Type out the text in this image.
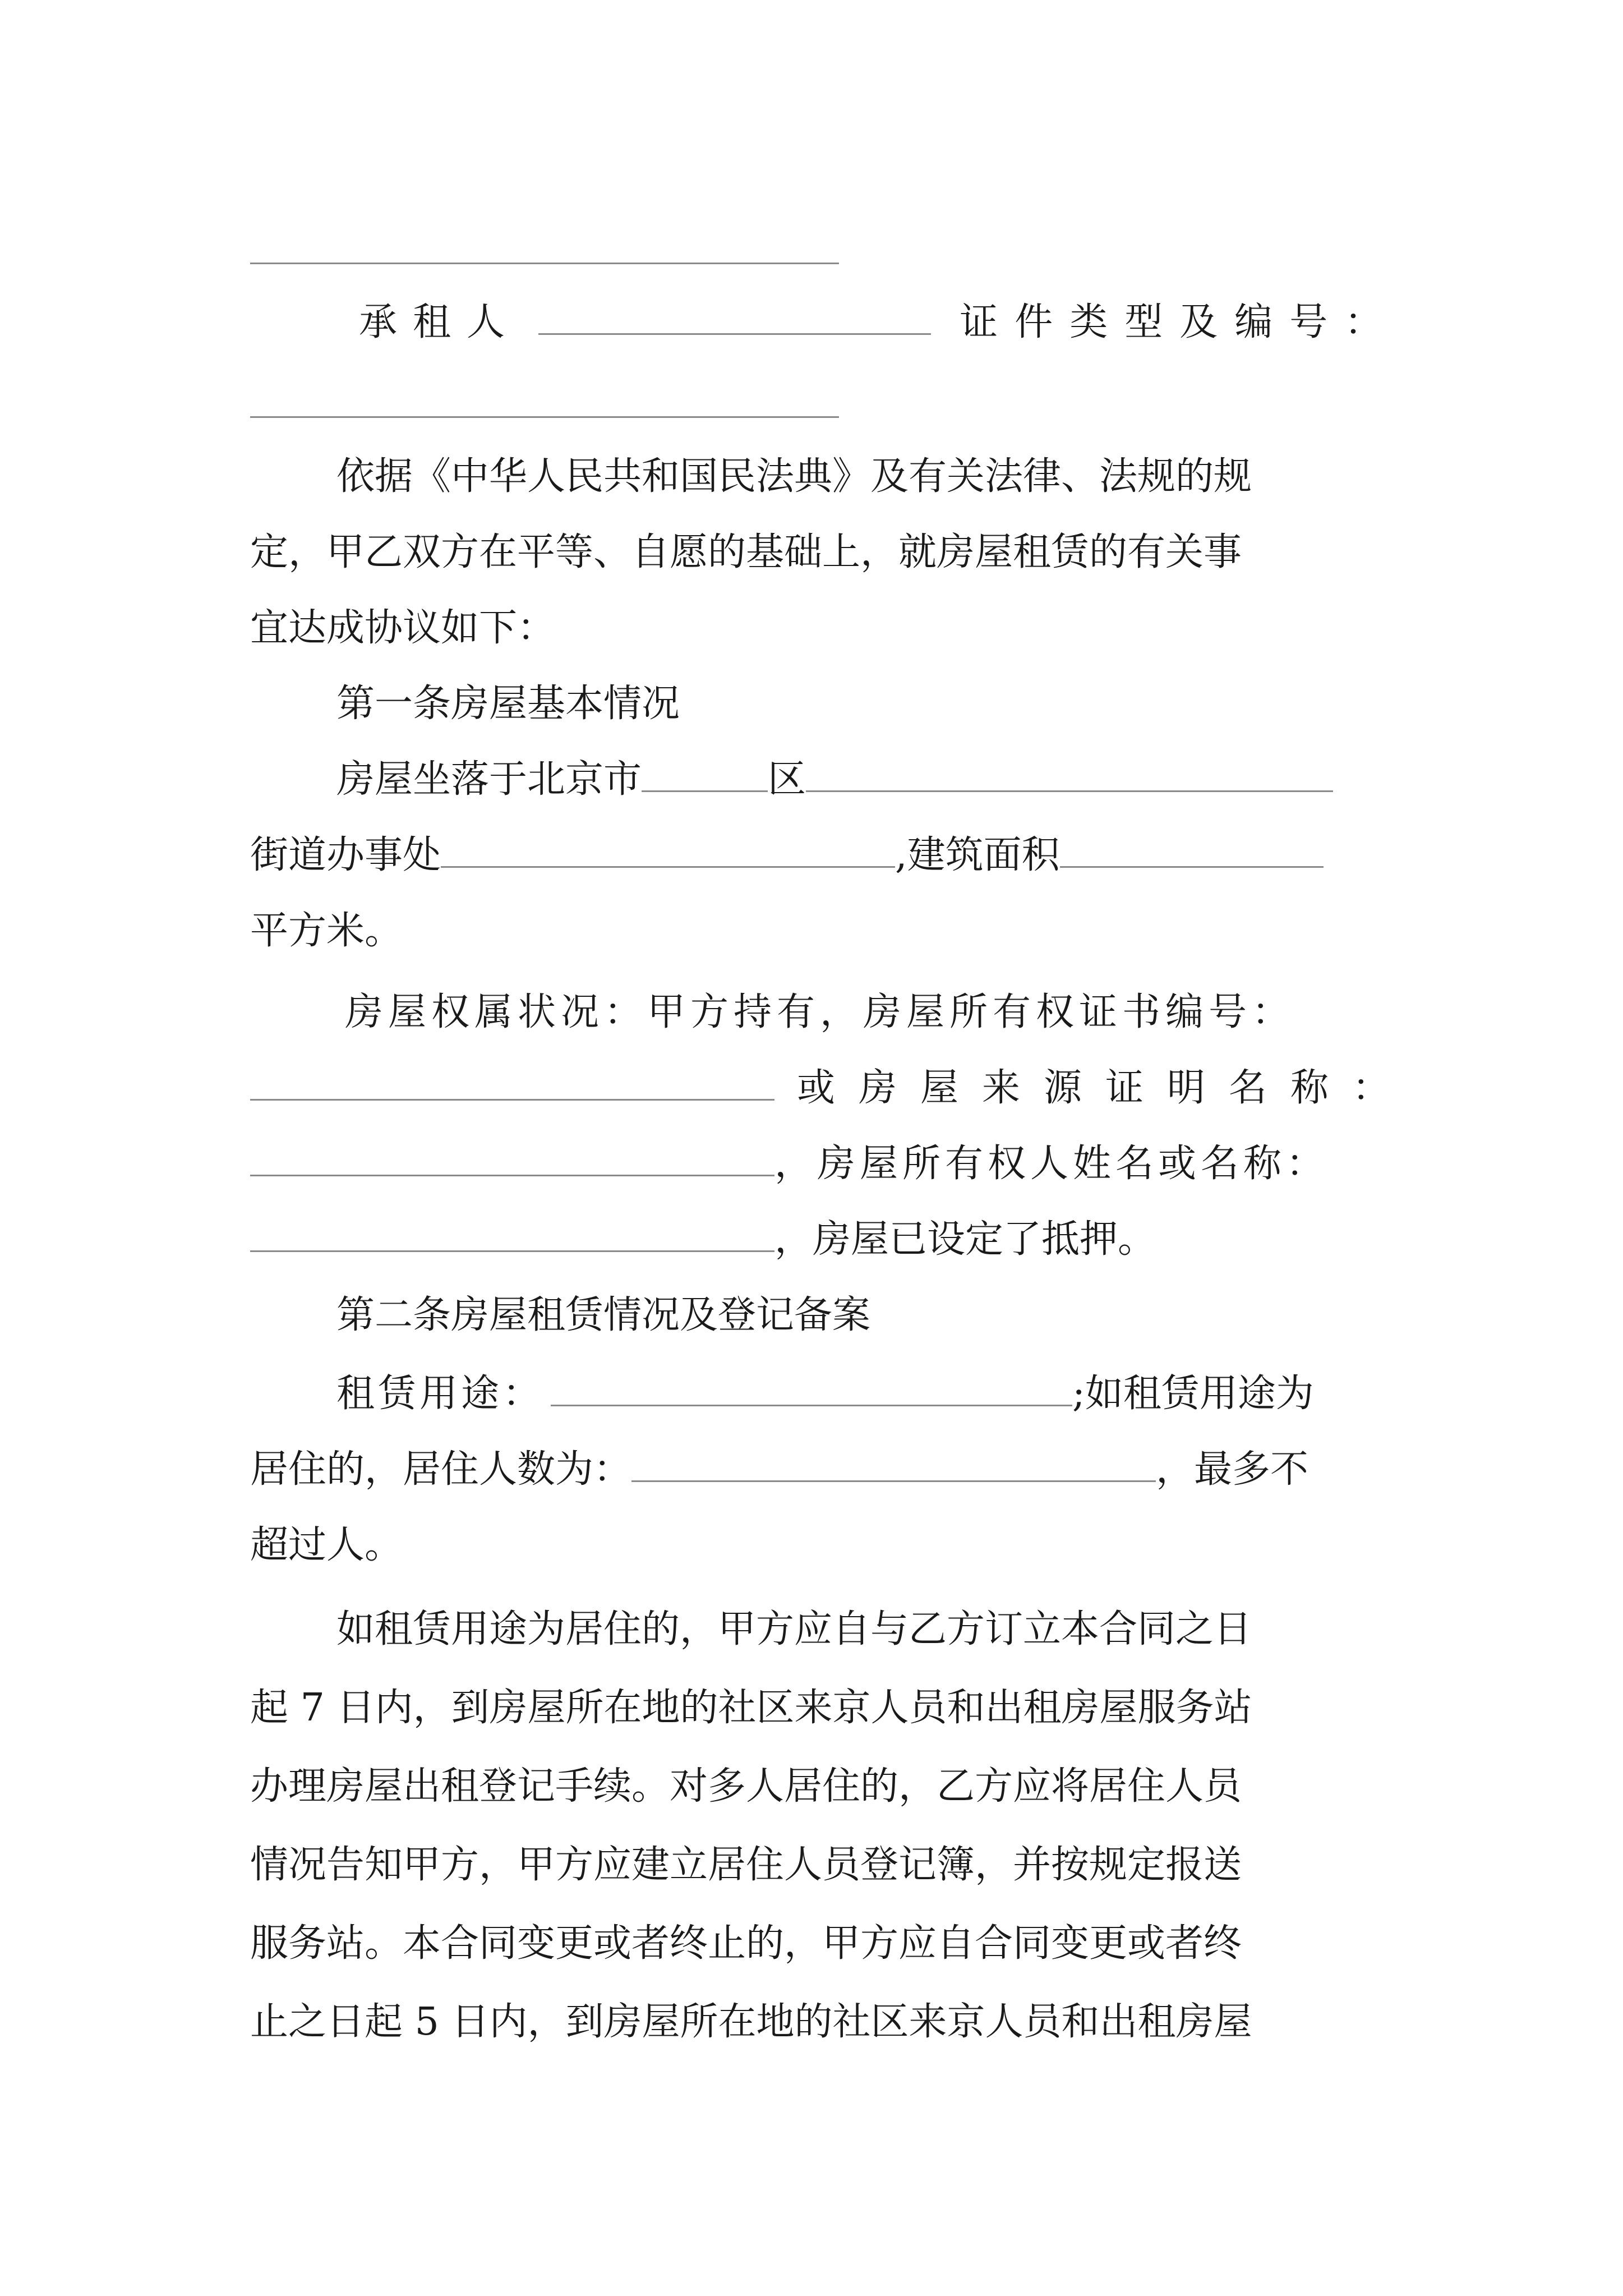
承租人	证件类型及编号：
依据《中华人民共和国民法典》及有关法律、法规的规
定，甲乙双方在平等、自愿的基础上，就房屋租赁的有关事
宜达成协议如下：
第一条房屋基本情况
房屋坐落于北京市	区
街道办事处	,建筑面积
平方米。
房屋权属状况：甲方持有，房屋所有权证书编号：
或房屋来源证明名称：
，房屋所有权人姓名或名称：
，房屋已设定了抵押。
第二条房屋租赁情况及登记备案
租赁用途：	;如租赁用途为
居住的，居住人数为：	，最多不
超过人。
如租赁用途为居住的，甲方应自与乙方订立本合同之日
起 7 日内，到房屋所在地的社区来京人员和出租房屋服务站
办理房屋出租登记手续。对多人居住的，乙方应将居住人员
情况告知甲方，甲方应建立居住人员登记簿，并按规定报送
服务站。本合同变更或者终止的，甲方应自合同变更或者终
止之日起 5 日内，到房屋所在地的社区来京人员和出租房屋
